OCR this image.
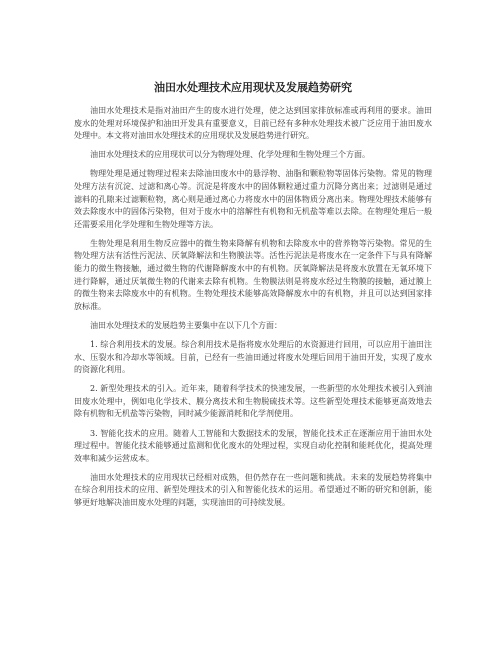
油田水处理技术应用现状及发展趋势研究

油田水处理技术是指对油田产生的废水进行处理，使之达到国家排放标准或再利用的要求。油田废水的处理对环境保护和油田开发具有重要意义，目前已经有多种水处理技术被广泛应用于油田废水处理中。本文将对油田水处理技术的应用现状及发展趋势进行研究。

油田水处理技术的应用现状可以分为物理处理、化学处理和生物处理三个方面。

物理处理是通过物理过程来去除油田废水中的悬浮物、油脂和颗粒物等固体污染物。常见的物理处理方法有沉淀、过滤和离心等。沉淀是将废水中的固体颗粒通过重力沉降分离出来；过滤则是通过滤料的孔隙来过滤颗粒物，离心则是通过离心力将废水中的固体物质分离出来。物理处理技术能够有效去除废水中的固体污染物，但对于废水中的溶解性有机物和无机盐等难以去除。在物理处理后一般还需要采用化学处理和生物处理等方法。

生物处理是利用生物反应器中的微生物来降解有机物和去除废水中的营养物等污染物。常见的生物处理方法有活性污泥法、厌氧降解法和生物膜法等。活性污泥法是将废水在一定条件下与具有降解能力的微生物接触，通过微生物的代谢降解废水中的有机物。厌氧降解法是将废水放置在无氧环境下进行降解，通过厌氧微生物的代谢来去除有机物。生物膜法则是将废水经过生物膜的接触，通过膜上的微生物来去除废水中的有机物。生物处理技术能够高效降解废水中的有机物，并且可以达到国家排放标准。

油田水处理技术的发展趋势主要集中在以下几个方面：

1. 综合利用技术的发展。综合利用技术是指将废水处理后的水资源进行回用，可以应用于油田注水、压裂水和冷却水等领域。目前，已经有一些油田通过将废水处理后回用于油田开发，实现了废水的资源化利用。

2. 新型处理技术的引入。近年来，随着科学技术的快速发展，一些新型的水处理技术被引入到油田废水处理中，例如电化学技术、膜分离技术和生物脱硫技术等。这些新型处理技术能够更高效地去除有机物和无机盐等污染物，同时减少能源消耗和化学剂使用。

3. 智能化技术的应用。随着人工智能和大数据技术的发展，智能化技术正在逐渐应用于油田水处理过程中。智能化技术能够通过监测和优化废水的处理过程，实现自动化控制和能耗优化，提高处理效率和减少运营成本。

油田水处理技术的应用现状已经相对成熟，但仍然存在一些问题和挑战。未来的发展趋势将集中在综合利用技术的应用、新型处理技术的引入和智能化技术的运用。希望通过不断的研究和创新，能够更好地解决油田废水处理的问题，实现油田的可持续发展。
